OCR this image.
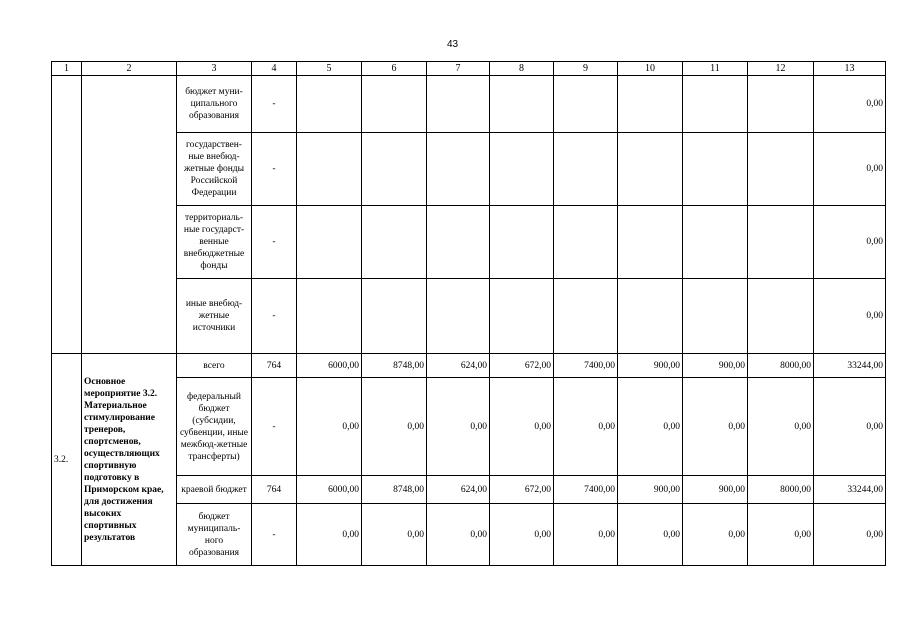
43
1	2	3	4	5	6	7	8	9	10	11	12	13
		бюджет муни-ципального образования	-									0,00
		государствен-ные внебюд-жетные фонды Российской Федерации	-									0,00
		территориаль-ные государст-венные внебюджетные фонды	-									0,00
		иные внебюд-жетные источники	-									0,00
3.2.	Основное мероприятие 3.2. Материальное стимулирование тренеров, спортсменов, осуществляющих спортивную подготовку в Приморском крае, для достижения высоких спортивных результатов	всего	764	6000,00	8748,00	624,00	672,00	7400,00	900,00	900,00	8000,00	33244,00
		федеральный бюджет (субсидии, субвенции, иные межбюд-жетные трансферты)	-	0,00	0,00	0,00	0,00	0,00	0,00	0,00	0,00	0,00
		краевой бюджет	764	6000,00	8748,00	624,00	672,00	7400,00	900,00	900,00	8000,00	33244,00
		бюджет муниципаль-ного образования	-	0,00	0,00	0,00	0,00	0,00	0,00	0,00	0,00	0,00
